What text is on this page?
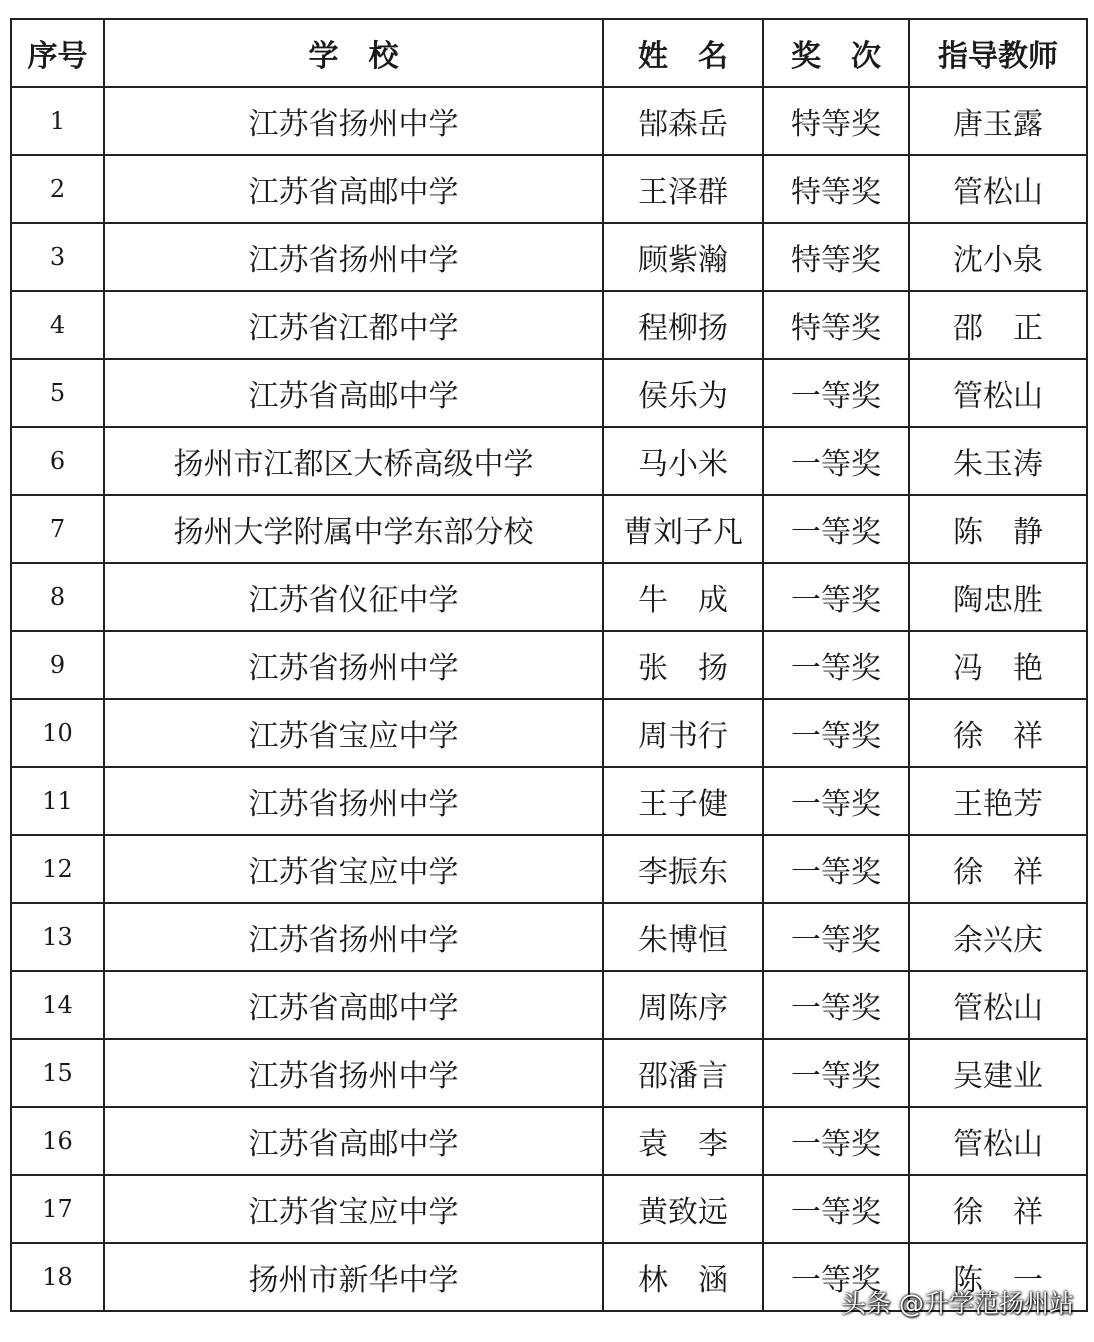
序号	学　校	姓　名	奖　次	指导教师
1	江苏省扬州中学	郜森岳	特等奖	唐玉露
2	江苏省高邮中学	王泽群	特等奖	管松山
3	江苏省扬州中学	顾紫瀚	特等奖	沈小泉
4	江苏省江都中学	程柳扬	特等奖	邵　正
5	江苏省高邮中学	侯乐为	一等奖	管松山
6	扬州市江都区大桥高级中学	马小米	一等奖	朱玉涛
7	扬州大学附属中学东部分校	曹刘子凡	一等奖	陈　静
8	江苏省仪征中学	牛　成	一等奖	陶忠胜
9	江苏省扬州中学	张　扬	一等奖	冯　艳
10	江苏省宝应中学	周书行	一等奖	徐　祥
11	江苏省扬州中学	王子健	一等奖	王艳芳
12	江苏省宝应中学	李振东	一等奖	徐　祥
13	江苏省扬州中学	朱博恒	一等奖	余兴庆
14	江苏省高邮中学	周陈序	一等奖	管松山
15	江苏省扬州中学	邵潘言	一等奖	吴建业
16	江苏省高邮中学	袁　李	一等奖	管松山
17	江苏省宝应中学	黄致远	一等奖	徐　祥
18	扬州市新华中学	林　涵	一等奖	陈　一
头条 @升学范扬州站
